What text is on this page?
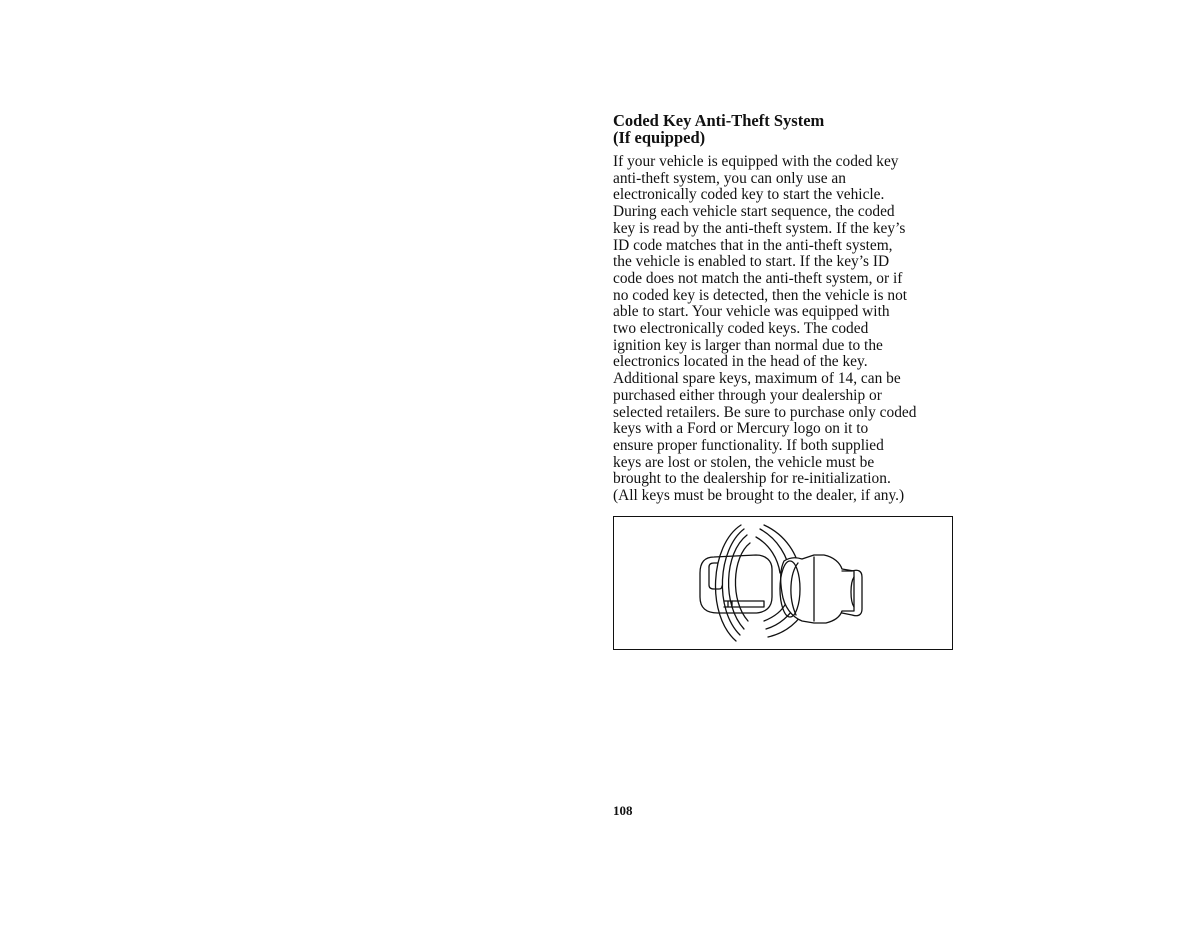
Coded Key Anti-Theft System
(If equipped)

If your vehicle is equipped with the coded key
anti-theft system, you can only use an
electronically coded key to start the vehicle.
During each vehicle start sequence, the coded
key is read by the anti-theft system. If the key’s
ID code matches that in the anti-theft system,
the vehicle is enabled to start. If the key’s ID
code does not match the anti-theft system, or if
no coded key is detected, then the vehicle is not
able to start. Your vehicle was equipped with
two electronically coded keys. The coded
ignition key is larger than normal due to the
electronics located in the head of the key.
Additional spare keys, maximum of 14, can be
purchased either through your dealership or
selected retailers. Be sure to purchase only coded
keys with a Ford or Mercury logo on it to
ensure proper functionality. If both supplied
keys are lost or stolen, the vehicle must be
brought to the dealership for re-initialization.
(All keys must be brought to the dealer, if any.)

108
